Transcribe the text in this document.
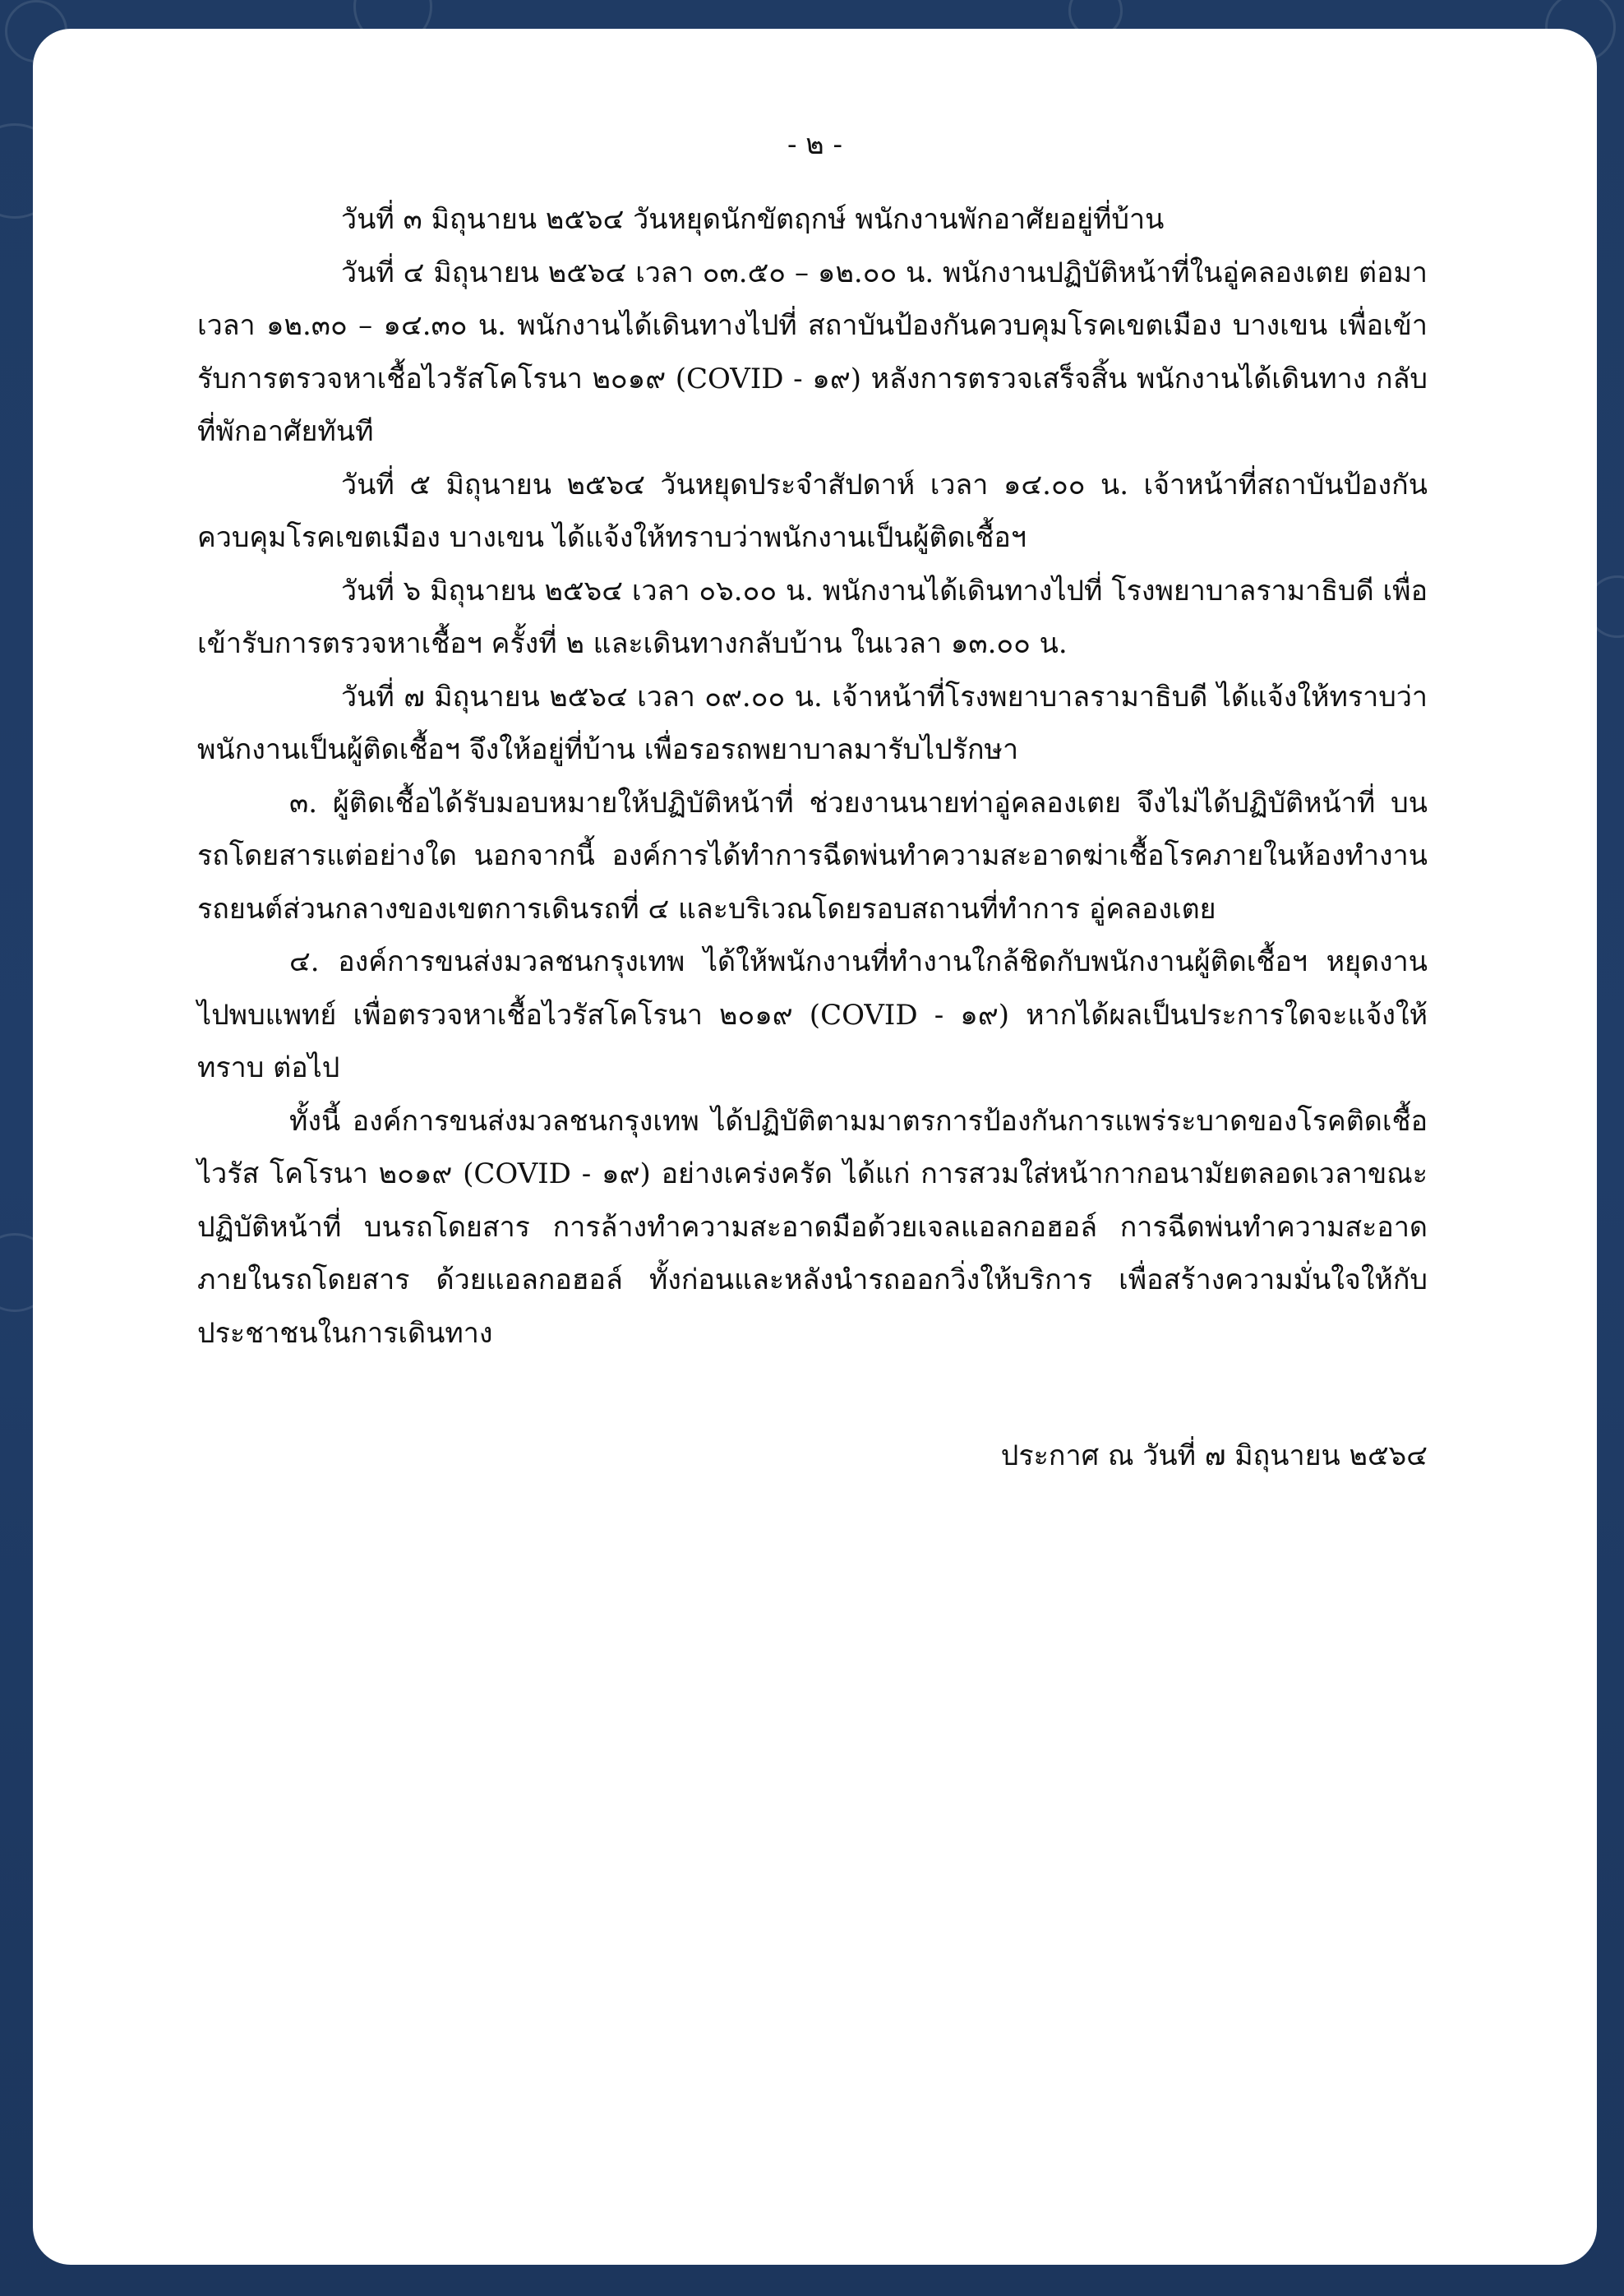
- ๒ -

วันที่ ๓ มิถุนายน ๒๕๖๔ วันหยุดนักขัตฤกษ์ พนักงานพักอาศัยอยู่ที่บ้าน

วันที่ ๔ มิถุนายน ๒๕๖๔ เวลา ๐๓.๕๐ – ๑๒.๐๐ น. พนักงานปฏิบัติหน้าที่ในอู่คลองเตย ต่อมาเวลา ๑๒.๓๐ – ๑๔.๓๐ น. พนักงานได้เดินทางไปที่ สถาบันป้องกันควบคุมโรคเขตเมือง บางเขน เพื่อเข้ารับการตรวจหาเชื้อไวรัสโคโรนา ๒๐๑๙ (COVID - ๑๙) หลังการตรวจเสร็จสิ้น พนักงานได้เดินทาง กลับที่พักอาศัยทันที

วันที่ ๕ มิถุนายน ๒๕๖๔ วันหยุดประจำสัปดาห์ เวลา ๑๔.๐๐ น. เจ้าหน้าที่สถาบันป้องกัน ควบคุมโรคเขตเมือง บางเขน ได้แจ้งให้ทราบว่าพนักงานเป็นผู้ติดเชื้อฯ

วันที่ ๖ มิถุนายน ๒๕๖๔ เวลา ๐๖.๐๐ น. พนักงานได้เดินทางไปที่ โรงพยาบาลรามาธิบดี เพื่อเข้ารับการตรวจหาเชื้อฯ ครั้งที่ ๒ และเดินทางกลับบ้าน ในเวลา ๑๓.๐๐ น.

วันที่ ๗ มิถุนายน ๒๕๖๔ เวลา ๐๙.๐๐ น. เจ้าหน้าที่โรงพยาบาลรามาธิบดี ได้แจ้งให้ทราบว่า พนักงานเป็นผู้ติดเชื้อฯ จึงให้อยู่ที่บ้าน เพื่อรอรถพยาบาลมารับไปรักษา

๓. ผู้ติดเชื้อได้รับมอบหมายให้ปฏิบัติหน้าที่ ช่วยงานนายท่าอู่คลองเตย จึงไม่ได้ปฏิบัติหน้าที่ บนรถโดยสารแต่อย่างใด นอกจากนี้ องค์การได้ทำการฉีดพ่นทำความสะอาดฆ่าเชื้อโรคภายในห้องทำงาน รถยนต์ส่วนกลางของเขตการเดินรถที่ ๔ และบริเวณโดยรอบสถานที่ทำการ อู่คลองเตย

๔. องค์การขนส่งมวลชนกรุงเทพ ได้ให้พนักงานที่ทำงานใกล้ชิดกับพนักงานผู้ติดเชื้อฯ หยุดงาน ไปพบแพทย์ เพื่อตรวจหาเชื้อไวรัสโคโรนา ๒๐๑๙ (COVID - ๑๙) หากได้ผลเป็นประการใดจะแจ้งให้ทราบ ต่อไป

ทั้งนี้ องค์การขนส่งมวลชนกรุงเทพ ได้ปฏิบัติตามมาตรการป้องกันการแพร่ระบาดของโรคติดเชื้อไวรัส โคโรนา ๒๐๑๙ (COVID - ๑๙) อย่างเคร่งครัด ได้แก่ การสวมใส่หน้ากากอนามัยตลอดเวลาขณะปฏิบัติหน้าที่ บนรถโดยสาร การล้างทำความสะอาดมือด้วยเจลแอลกอฮอล์ การฉีดพ่นทำความสะอาดภายในรถโดยสาร ด้วยแอลกอฮอล์ ทั้งก่อนและหลังนำรถออกวิ่งให้บริการ เพื่อสร้างความมั่นใจให้กับประชาชนในการเดินทาง

ประกาศ ณ วันที่ ๗ มิถุนายน ๒๕๖๔
